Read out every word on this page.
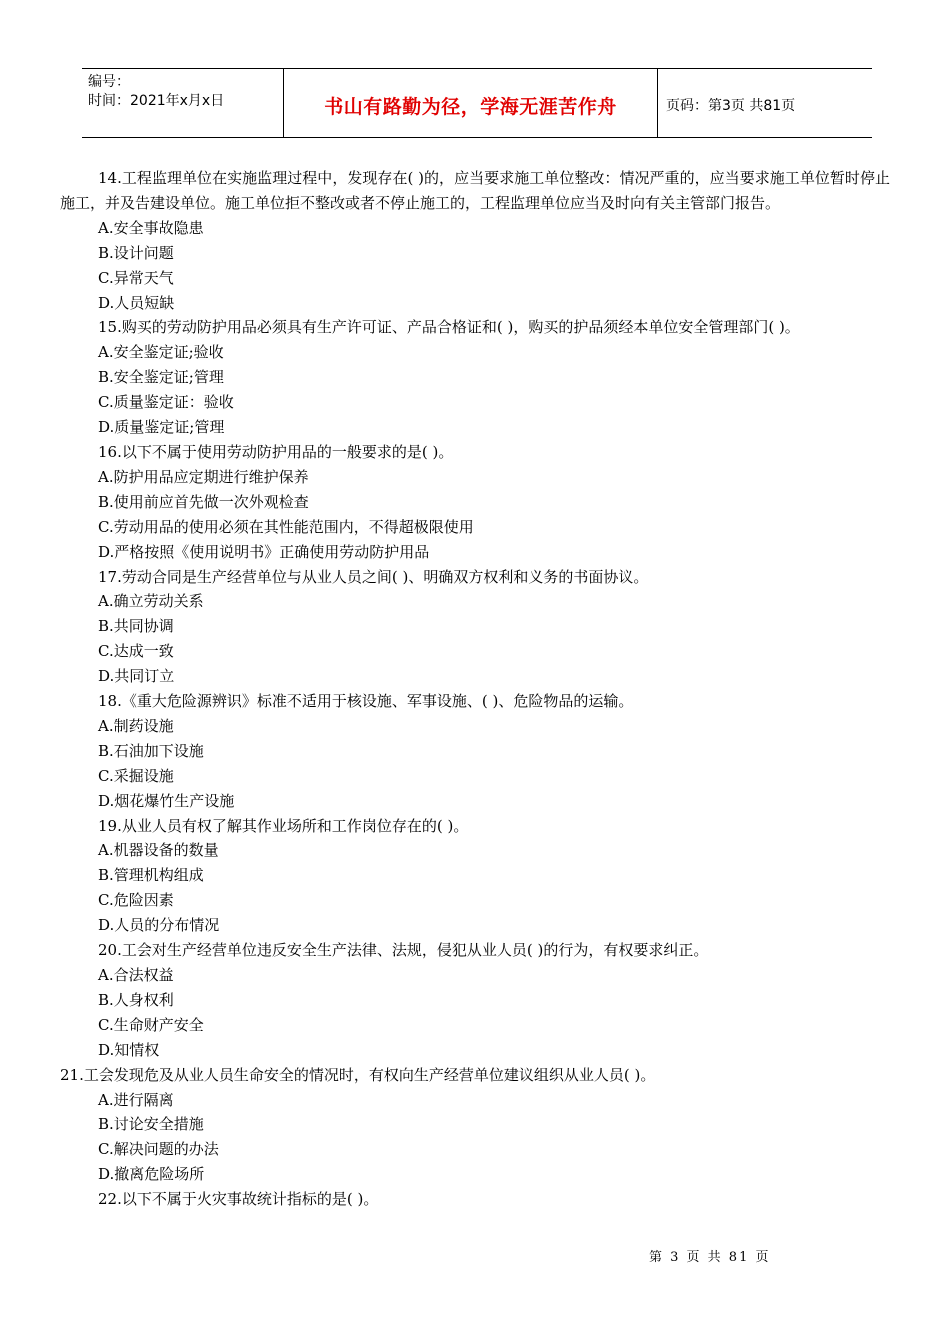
编号：
时间：2021年x月x日	书山有路勤为径，学海无涯苦作舟	页码：第3页 共81页
14.工程监理单位在实施监理过程中，发现存在( )的，应当要求施工单位整改：情况严重的，应当要求施工单位暂时停止施工，并及告建设单位。施工单位拒不整改或者不停止施工的，工程监理单位应当及时向有关主管部门报告。
A.安全事故隐患
B.设计问题
C.异常天气
D.人员短缺
15.购买的劳动防护用品必须具有生产许可证、产品合格证和( )，购买的护品须经本单位安全管理部门( )。
A.安全鉴定证;验收
B.安全鉴定证;管理
C.质量鉴定证：验收
D.质量鉴定证;管理
16.以下不属于使用劳动防护用品的一般要求的是( )。
A.防护用品应定期进行维护保养
B.使用前应首先做一次外观检查
C.劳动用品的使用必须在其性能范围内，不得超极限使用
D.严格按照《使用说明书》正确使用劳动防护用品
17.劳动合同是生产经营单位与从业人员之间( )、明确双方权利和义务的书面协议。
A.确立劳动关系
B.共同协调
C.达成一致
D.共同订立
18.《重大危险源辨识》标准不适用于核设施、军事设施、( )、危险物品的运输。
A.制药设施
B.石油加下设施
C.采掘设施
D.烟花爆竹生产设施
19.从业人员有权了解其作业场所和工作岗位存在的( )。
A.机器设备的数量
B.管理机构组成
C.危险因素
D.人员的分布情况
20.工会对生产经营单位违反安全生产法律、法规，侵犯从业人员( )的行为，有权要求纠正。
A.合法权益
B.人身权利
C.生命财产安全
D.知情权
21.工会发现危及从业人员生命安全的情况时，有权向生产经营单位建议组织从业人员( )。
A.进行隔离
B.讨论安全措施
C.解决问题的办法
D.撤离危险场所
22.以下不属于火灾事故统计指标的是( )。
第 3 页 共 81 页
